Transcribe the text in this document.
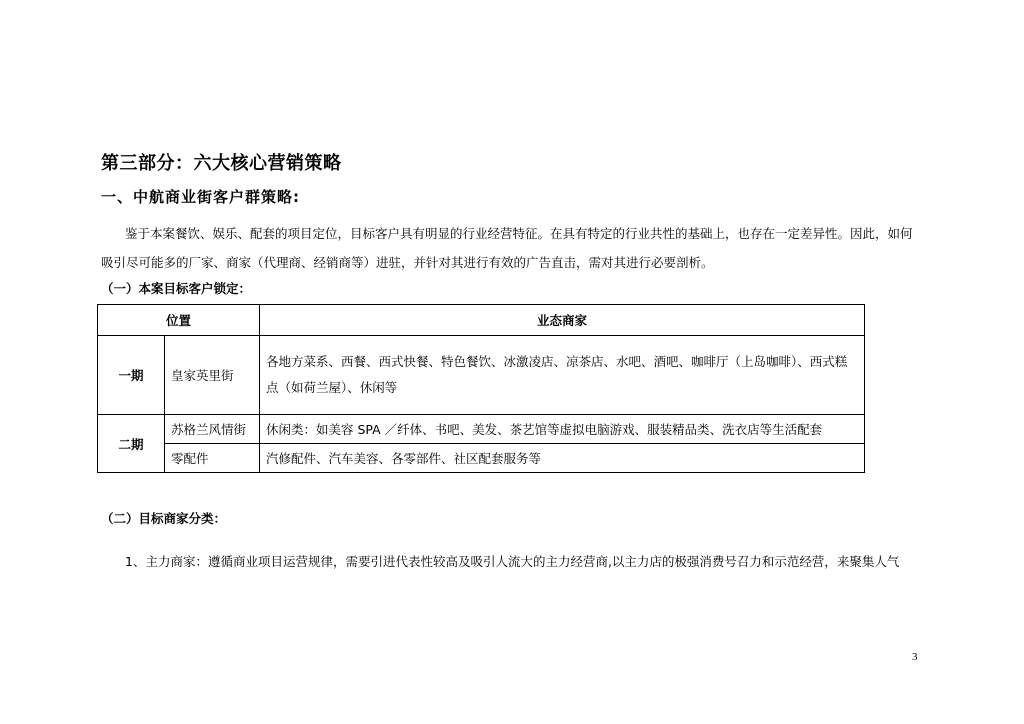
第三部分：六大核心营销策略
一、中航商业街客户群策略:
鉴于本案餐饮、娱乐、配套的项目定位，目标客户具有明显的行业经营特征。在具有特定的行业共性的基础上，也存在一定差异性。因此，如何吸引尽可能多的厂家、商家（代理商、经销商等）进驻，并针对其进行有效的广告直击，需对其进行必要剖析。
（一）本案目标客户锁定：
位置		业态商家
一期	皇家英里街	各地方菜系、西餐、西式快餐、特色餐饮、冰激凌店、凉茶店、水吧、酒吧、咖啡厅（上岛咖啡）、西式糕点（如荷兰屋）、休闲等
二期	苏格兰风情街	休闲类：如美容 SPA ／纤体、书吧、美发、茶艺馆等虚拟电脑游戏、服装精品类、洗衣店等生活配套
	零配件	汽修配件、汽车美容、各零部件、社区配套服务等
（二）目标商家分类：
1、主力商家：遵循商业项目运营规律，需要引进代表性较高及吸引人流大的主力经营商,以主力店的极强消费号召力和示范经营，来聚集人气
3
